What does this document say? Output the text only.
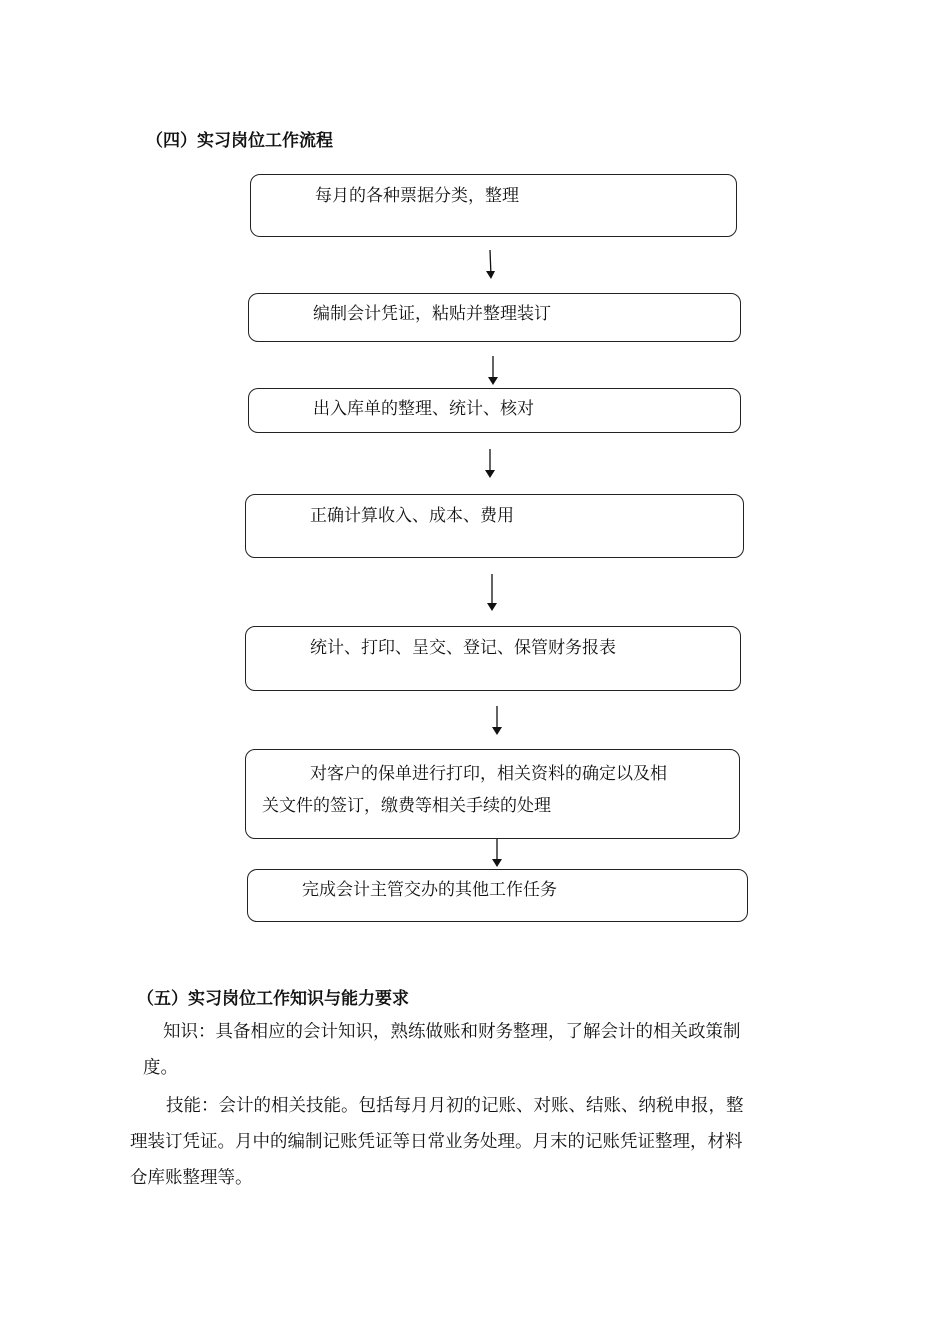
（四）实习岗位工作流程
每月的各种票据分类，整理
编制会计凭证，粘贴并整理装订
出入库单的整理、统计、核对
正确计算收入、成本、费用
统计、打印、呈交、登记、保管财务报表
对客户的保单进行打印，相关资料的确定以及相
关文件的签订，缴费等相关手续的处理
完成会计主管交办的其他工作任务
（五）实习岗位工作知识与能力要求
知识：具备相应的会计知识，熟练做账和财务整理，了解会计的相关政策制
度。
技能：会计的相关技能。包括每月月初的记账、对账、结账、纳税申报，整
理装订凭证。月中的编制记账凭证等日常业务处理。月末的记账凭证整理，材料
仓库账整理等。
